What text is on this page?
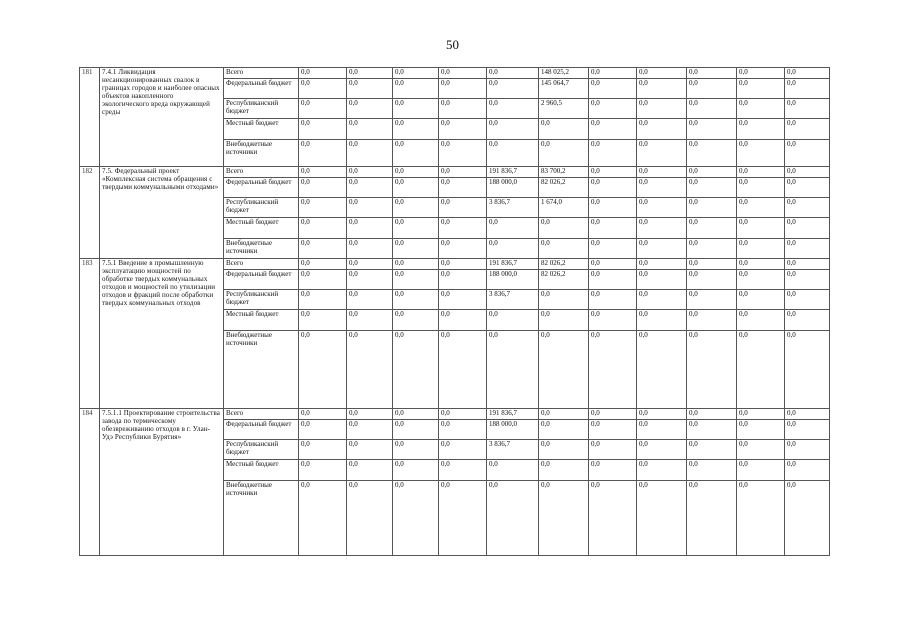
50
181	7.4.1 Ликвидация несанкционированных свалок в границах городов и наиболее опасных объектов накопленного экологического вреда окружающей среды	Всего	0,0	0,0	0,0	0,0	0,0	148 025,2	0,0	0,0	0,0	0,0	0,0
		Федеральный бюджет	0,0	0,0	0,0	0,0	0,0	145 064,7	0,0	0,0	0,0	0,0	0,0
		Республиканский бюджет	0,0	0,0	0,0	0,0	0,0	2 960,5	0,0	0,0	0,0	0,0	0,0
		Местный бюджет	0,0	0,0	0,0	0,0	0,0	0,0	0,0	0,0	0,0	0,0	0,0
		Внебюджетные источники	0,0	0,0	0,0	0,0	0,0	0,0	0,0	0,0	0,0	0,0	0,0
182	7.5. Федеральный проект «Комплексная система обращения с твердыми коммунальными отходами»	Всего	0,0	0,0	0,0	0,0	191 836,7	83 700,2	0,0	0,0	0,0	0,0	0,0
		Федеральный бюджет	0,0	0,0	0,0	0,0	188 000,0	82 026,2	0,0	0,0	0,0	0,0	0,0
		Республиканский бюджет	0,0	0,0	0,0	0,0	3 836,7	1 674,0	0,0	0,0	0,0	0,0	0,0
		Местный бюджет	0,0	0,0	0,0	0,0	0,0	0,0	0,0	0,0	0,0	0,0	0,0
		Внебюджетные источники	0,0	0,0	0,0	0,0	0,0	0,0	0,0	0,0	0,0	0,0	0,0
183	7.5.1 Введение в промышленную эксплуатацию мощностей по обработке твердых коммунальных отходов и мощностей по утилизации отходов и фракций после обработки твердых коммунальных отходов	Всего	0,0	0,0	0,0	0,0	191 836,7	82 026,2	0,0	0,0	0,0	0,0	0,0
		Федеральный бюджет	0,0	0,0	0,0	0,0	188 000,0	82 026,2	0,0	0,0	0,0	0,0	0,0
		Республиканский бюджет	0,0	0,0	0,0	0,0	3 836,7	0,0	0,0	0,0	0,0	0,0	0,0
		Местный бюджет	0,0	0,0	0,0	0,0	0,0	0,0	0,0	0,0	0,0	0,0	0,0
		Внебюджетные источники	0,0	0,0	0,0	0,0	0,0	0,0	0,0	0,0	0,0	0,0	0,0
184	7.5.1.1 Проектирование строительства завода по термическому обезвреживанию отходов в г. Улан-Удэ Республики Бурятия»	Всего	0,0	0,0	0,0	0,0	191 836,7	0,0	0,0	0,0	0,0	0,0	0,0
		Федеральный бюджет	0,0	0,0	0,0	0,0	188 000,0	0,0	0,0	0,0	0,0	0,0	0,0
		Республиканский бюджет	0,0	0,0	0,0	0,0	3 836,7	0,0	0,0	0,0	0,0	0,0	0,0
		Местный бюджет	0,0	0,0	0,0	0,0	0,0	0,0	0,0	0,0	0,0	0,0	0,0
		Внебюджетные источники	0,0	0,0	0,0	0,0	0,0	0,0	0,0	0,0	0,0	0,0	0,0
